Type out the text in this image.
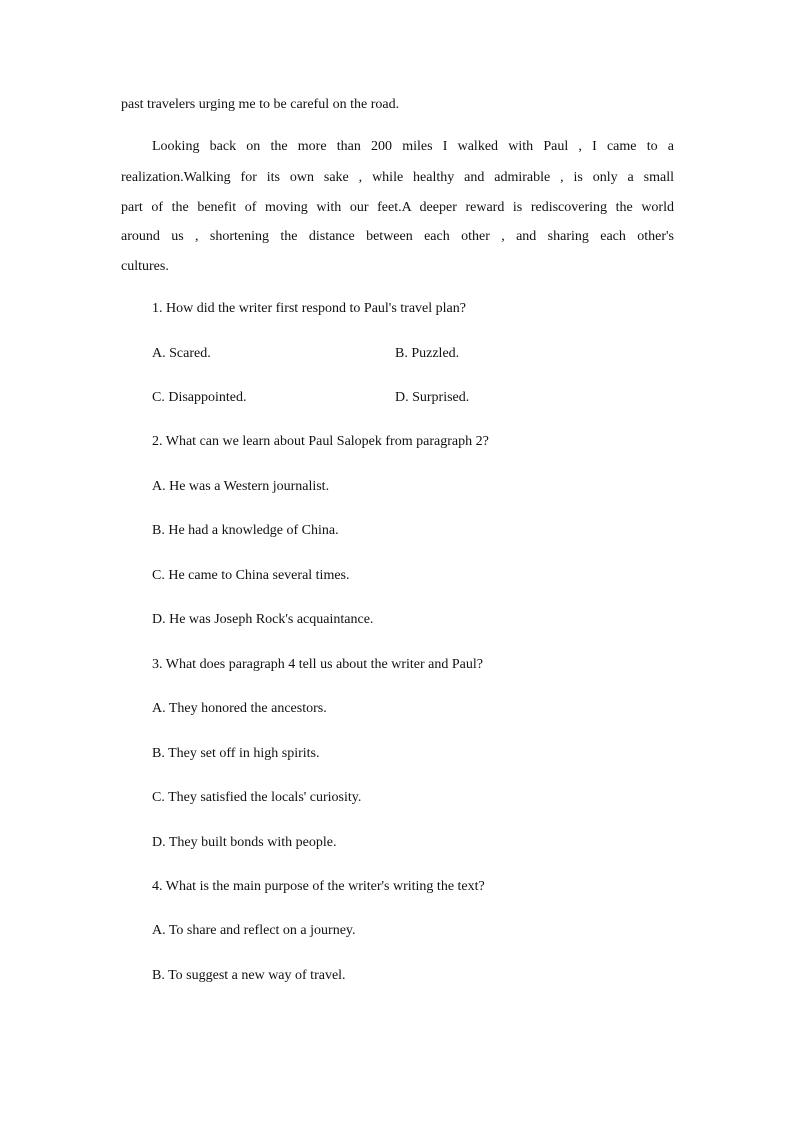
past travelers urging me to be careful on the road.
Looking back on the more than 200 miles I walked with Paul , I came to a
realization.Walking for its own sake , while healthy and admirable , is only a small
part of the benefit of moving with our feet.A deeper reward is rediscovering the world
around us , shortening the distance between each other , and sharing each other's
cultures.
1. How did the writer first respond to Paul's travel plan?
A. Scared.	B. Puzzled.
C. Disappointed.	D. Surprised.
2. What can we learn about Paul Salopek from paragraph 2?
A. He was a Western journalist.
B. He had a knowledge of China.
C. He came to China several times.
D. He was Joseph Rock's acquaintance.
3. What does paragraph 4 tell us about the writer and Paul?
A. They honored the ancestors.
B. They set off in high spirits.
C. They satisfied the locals' curiosity.
D. They built bonds with people.
4. What is the main purpose of the writer's writing the text?
A. To share and reflect on a journey.
B. To suggest a new way of travel.
